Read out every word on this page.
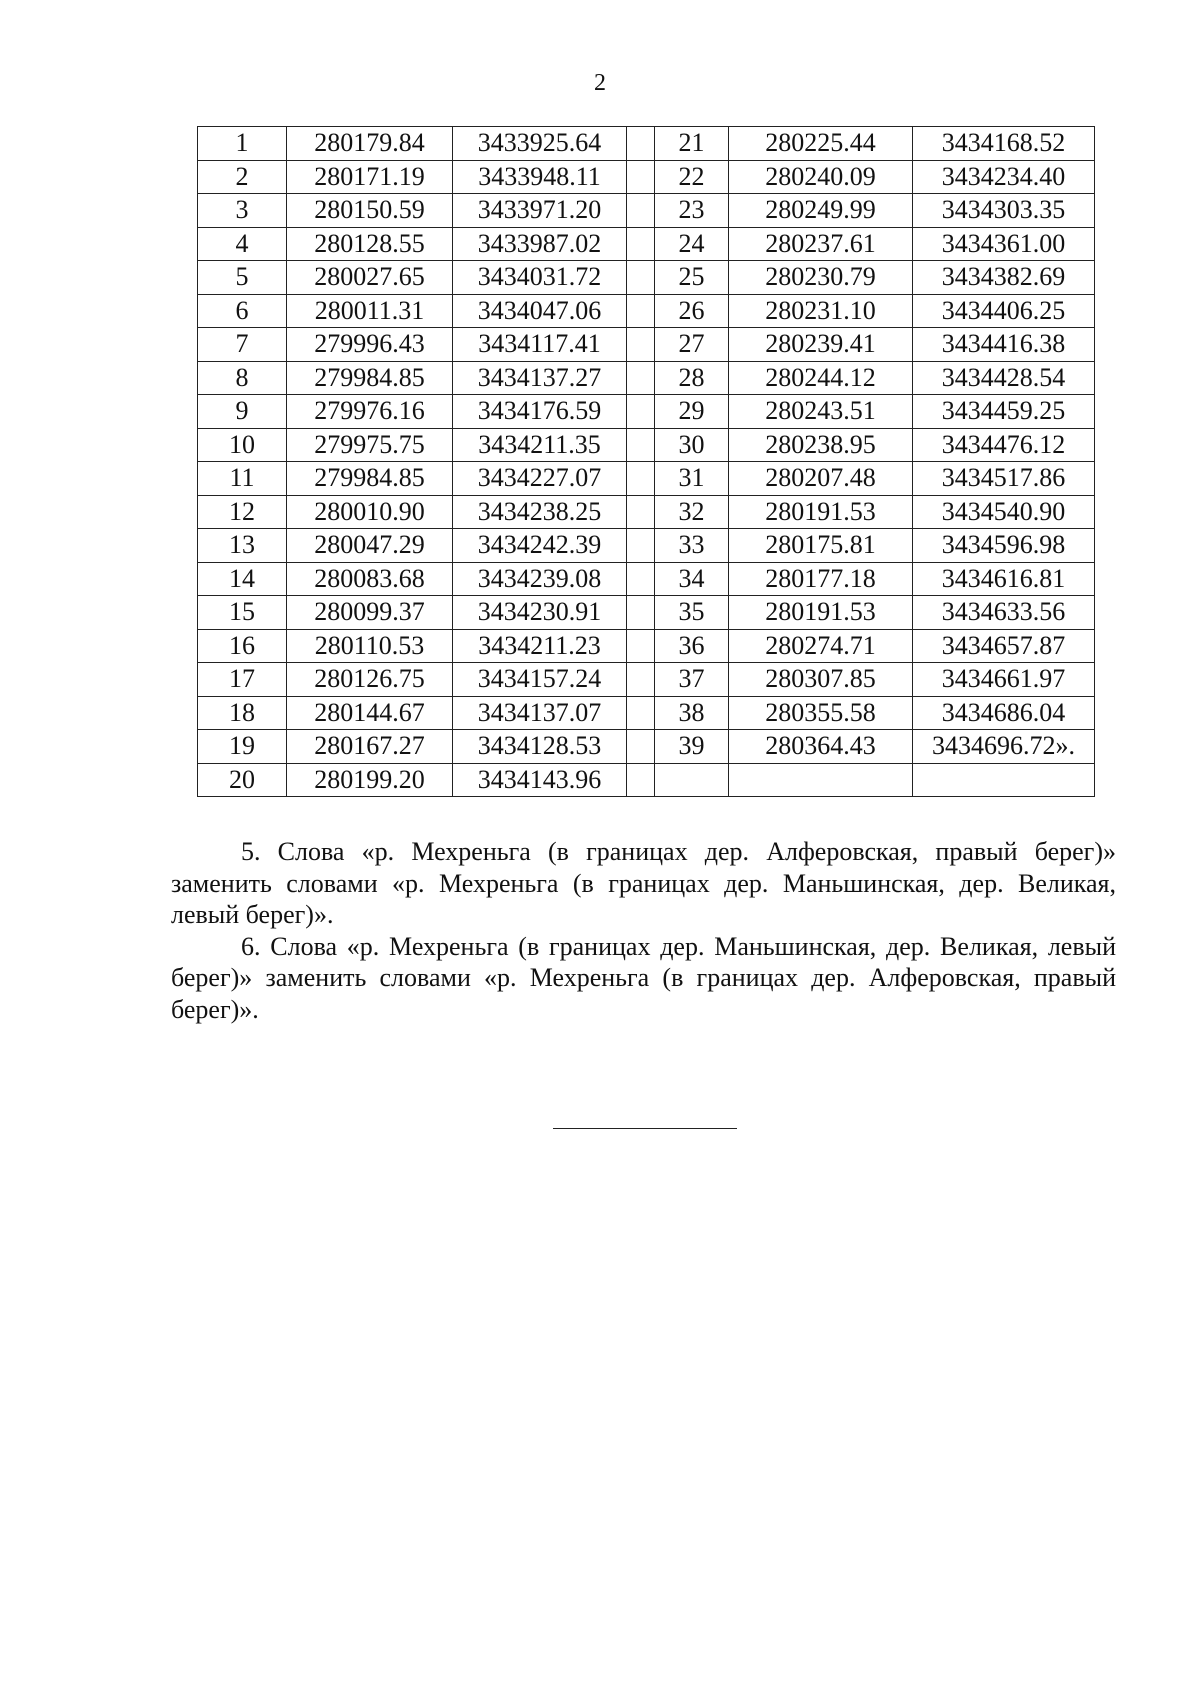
2
1	280179.84	3433925.64		21	280225.44	3434168.52
2	280171.19	3433948.11		22	280240.09	3434234.40
3	280150.59	3433971.20		23	280249.99	3434303.35
4	280128.55	3433987.02		24	280237.61	3434361.00
5	280027.65	3434031.72		25	280230.79	3434382.69
6	280011.31	3434047.06		26	280231.10	3434406.25
7	279996.43	3434117.41		27	280239.41	3434416.38
8	279984.85	3434137.27		28	280244.12	3434428.54
9	279976.16	3434176.59		29	280243.51	3434459.25
10	279975.75	3434211.35		30	280238.95	3434476.12
11	279984.85	3434227.07		31	280207.48	3434517.86
12	280010.90	3434238.25		32	280191.53	3434540.90
13	280047.29	3434242.39		33	280175.81	3434596.98
14	280083.68	3434239.08		34	280177.18	3434616.81
15	280099.37	3434230.91		35	280191.53	3434633.56
16	280110.53	3434211.23		36	280274.71	3434657.87
17	280126.75	3434157.24		37	280307.85	3434661.97
18	280144.67	3434137.07		38	280355.58	3434686.04
19	280167.27	3434128.53		39	280364.43	3434696.72».
20	280199.20	3434143.96				

5. Слова «р. Мехреньга (в границах дер. Алферовская, правый берег)» заменить словами «р. Мехреньга (в границах дер. Маньшинская, дер. Великая, левый берег)».

6. Слова «р. Мехреньга (в границах дер. Маньшинская, дер. Великая, левый берег)» заменить словами «р. Мехреньга (в границах дер. Алферовская, правый берег)».
